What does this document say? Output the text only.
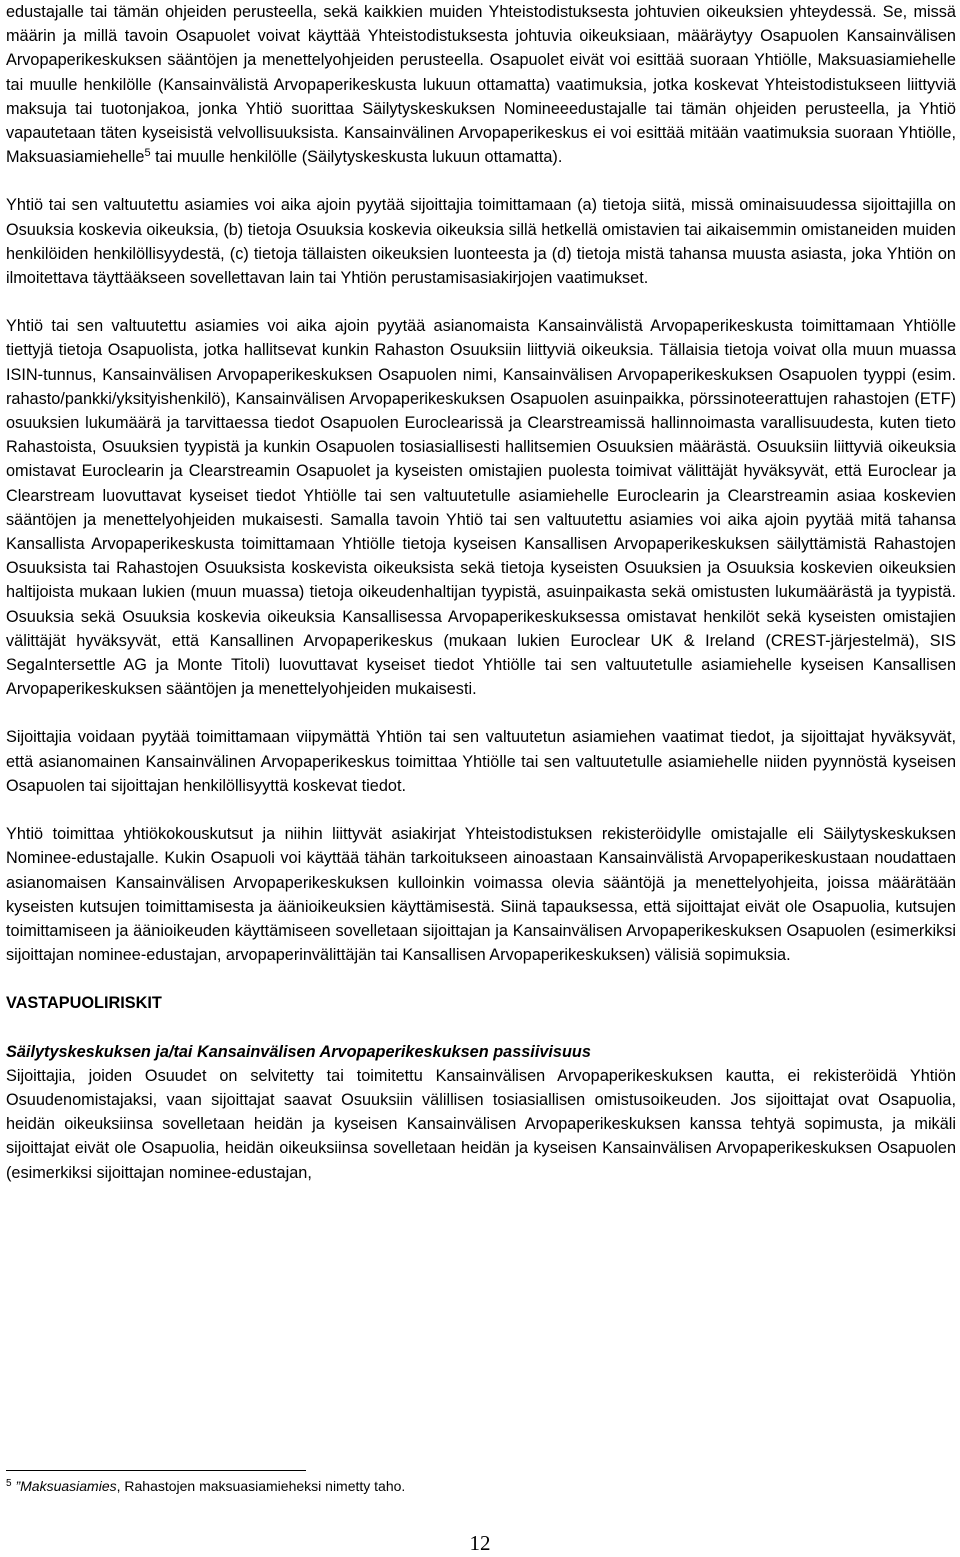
edustajalle tai tämän ohjeiden perusteella, sekä kaikkien muiden Yhteistodistuksesta johtuvien oikeuksien yhteydessä. Se, missä määrin ja millä tavoin Osapuolet voivat käyttää Yhteistodistuksesta johtuvia oikeuksiaan, määräytyy Osapuolen Kansainvälisen Arvopaperikeskuksen sääntöjen ja menettelyohjeiden perusteella. Osapuolet eivät voi esittää suoraan Yhtiölle, Maksuasiamiehelle tai muulle henkilölle (Kansainvälistä Arvopaperikeskusta lukuun ottamatta) vaatimuksia, jotka koskevat Yhteistodistukseen liittyviä maksuja tai tuotonjakoa, jonka Yhtiö suorittaa Säilytyskeskuksen Nomineeedustajalle tai tämän ohjeiden perusteella, ja Yhtiö vapautetaan täten kyseisistä velvollisuuksista. Kansainvälinen Arvopaperikeskus ei voi esittää mitään vaatimuksia suoraan Yhtiölle, Maksuasiamiehelle$^5$ tai muulle henkilölle (Säilytyskeskusta lukuun ottamatta).

Yhtiö tai sen valtuutettu asiamies voi aika ajoin pyytää sijoittajia toimittamaan (a) tietoja siitä, missä ominaisuudessa sijoittajilla on Osuuksia koskevia oikeuksia, (b) tietoja Osuuksia koskevia oikeuksia sillä hetkellä omistavien tai aikaisemmin omistaneiden muiden henkilöiden henkilöllisyydestä, (c) tietoja tällaisten oikeuksien luonteesta ja (d) tietoja mistä tahansa muusta asiasta, joka Yhtiön on ilmoitettava täyttääkseen sovellettavan lain tai Yhtiön perustamisasiakirjojen vaatimukset.

Yhtiö tai sen valtuutettu asiamies voi aika ajoin pyytää asianomaista Kansainvälistä Arvopaperikeskusta toimittamaan Yhtiölle tiettyjä tietoja Osapuolista, jotka hallitsevat kunkin Rahaston Osuuksiin liittyviä oikeuksia. Tällaisia tietoja voivat olla muun muassa ISIN-tunnus, Kansainvälisen Arvopaperikeskuksen Osapuolen nimi, Kansainvälisen Arvopaperikeskuksen Osapuolen tyyppi (esim. rahasto/pankki/yksityishenkilö), Kansainvälisen Arvopaperikeskuksen Osapuolen asuinpaikka, pörssinoteerattujen rahastojen (ETF) osuuksien lukumäärä ja tarvittaessa tiedot Osapuolen Euroclearissä ja Clearstreamissä hallinnoimasta varallisuudesta, kuten tieto Rahastoista, Osuuksien tyypistä ja kunkin Osapuolen tosiasiallisesti hallitsemien Osuuksien määrästä. Osuuksiin liittyviä oikeuksia omistavat Euroclearin ja Clearstreamin Osapuolet ja kyseisten omistajien puolesta toimivat välittäjät hyväksyvät, että Euroclear ja Clearstream luovuttavat kyseiset tiedot Yhtiölle tai sen valtuutetulle asiamiehelle Euroclearin ja Clearstreamin asiaa koskevien sääntöjen ja menettelyohjeiden mukaisesti. Samalla tavoin Yhtiö tai sen valtuutettu asiamies voi aika ajoin pyytää mitä tahansa Kansallista Arvopaperikeskusta toimittamaan Yhtiölle tietoja kyseisen Kansallisen Arvopaperikeskuksen säilyttämistä Rahastojen Osuuksista tai Rahastojen Osuuksista koskevista oikeuksista sekä tietoja kyseisten Osuuksien ja Osuuksia koskevien oikeuksien haltijoista mukaan lukien (muun muassa) tietoja oikeudenhaltijan tyypistä, asuinpaikasta sekä omistusten lukumäärästä ja tyypistä. Osuuksia sekä Osuuksia koskevia oikeuksia Kansallisessa Arvopaperikeskuksessa omistavat henkilöt sekä kyseisten omistajien välittäjät hyväksyvät, että Kansallinen Arvopaperikeskus (mukaan lukien Euroclear UK & Ireland (CREST-järjestelmä), SIS SegaIntersettle AG ja Monte Titoli) luovuttavat kyseiset tiedot Yhtiölle tai sen valtuutetulle asiamiehelle kyseisen Kansallisen Arvopaperikeskuksen sääntöjen ja menettelyohjeiden mukaisesti.

Sijoittajia voidaan pyytää toimittamaan viipymättä Yhtiön tai sen valtuutetun asiamiehen vaatimat tiedot, ja sijoittajat hyväksyvät, että asianomainen Kansainvälinen Arvopaperikeskus toimittaa Yhtiölle tai sen valtuutetulle asiamiehelle niiden pyynnöstä kyseisen Osapuolen tai sijoittajan henkilöllisyyttä koskevat tiedot.

Yhtiö toimittaa yhtiökokouskutsut ja niihin liittyvät asiakirjat Yhteistodistuksen rekisteröidylle omistajalle eli Säilytyskeskuksen Nominee-edustajalle. Kukin Osapuoli voi käyttää tähän tarkoitukseen ainoastaan Kansainvälistä Arvopaperikeskustaan noudattaen asianomaisen Kansainvälisen Arvopaperikeskuksen kulloinkin voimassa olevia sääntöjä ja menettelyohjeita, joissa määrätään kyseisten kutsujen toimittamisesta ja äänioikeuksien käyttämisestä. Siinä tapauksessa, että sijoittajat eivät ole Osapuolia, kutsujen toimittamiseen ja äänioikeuden käyttämiseen sovelletaan sijoittajan ja Kansainvälisen Arvopaperikeskuksen Osapuolen (esimerkiksi sijoittajan nominee-edustajan, arvopaperinvälittäjän tai Kansallisen Arvopaperikeskuksen) välisiä sopimuksia.

VASTAPUOLIRISKIT

Säilytyskeskuksen ja/tai Kansainvälisen Arvopaperikeskuksen passiivisuus

Sijoittajia, joiden Osuudet on selvitetty tai toimitettu Kansainvälisen Arvopaperikeskuksen kautta, ei rekisteröidä Yhtiön Osuudenomistajaksi, vaan sijoittajat saavat Osuuksiin välillisen tosiasiallisen omistusoikeuden. Jos sijoittajat ovat Osapuolia, heidän oikeuksiinsa sovelletaan heidän ja kyseisen Kansainvälisen Arvopaperikeskuksen kanssa tehtyä sopimusta, ja mikäli sijoittajat eivät ole Osapuolia, heidän oikeuksiinsa sovelletaan heidän ja kyseisen Kansainvälisen Arvopaperikeskuksen Osapuolen (esimerkiksi sijoittajan nominee-edustajan,

$^5$ ”Maksuasiamies, Rahastojen maksuasiamieheksi nimetty taho.
12
